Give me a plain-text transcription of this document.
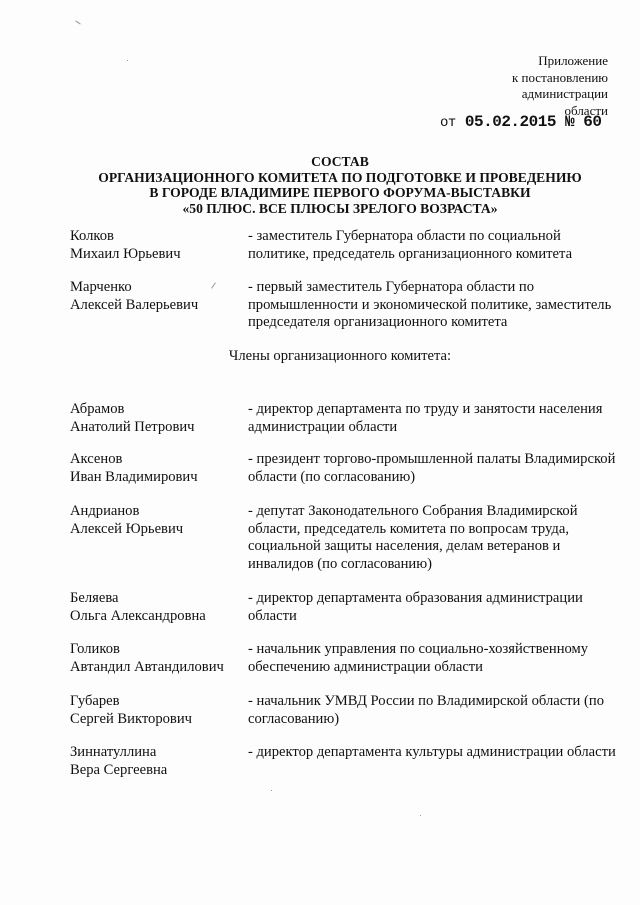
Приложение
к постановлению
администрации
области
от 05.02.2015 № 60
СОСТАВ
ОРГАНИЗАЦИОННОГО КОМИТЕТА ПО ПОДГОТОВКЕ И ПРОВЕДЕНИЮ
В ГОРОДЕ ВЛАДИМИРЕ ПЕРВОГО ФОРУМА-ВЫСТАВКИ
«50 ПЛЮС. ВСЕ ПЛЮСЫ ЗРЕЛОГО ВОЗРАСТА»
Колков
Михаил Юрьевич
- заместитель Губернатора области по социальной политике, председатель организационного комитета
Марченко
Алексей Валерьевич
- первый заместитель Губернатора области по промышленности и экономической политике, заместитель председателя организационного комитета
Члены организационного комитета:
Абрамов
Анатолий Петрович
- директор департамента по труду и занятости населения администрации области
Аксенов
Иван Владимирович
- президент торгово-промышленной палаты Владимирской области (по согласованию)
Андрианов
Алексей Юрьевич
- депутат Законодательного Собрания Владимирской области, председатель комитета по вопросам труда, социальной защиты населения, делам ветеранов и инвалидов (по согласованию)
Беляева
Ольга Александровна
- директор департамента образования администрации области
Голиков
Автандил Автандилович
- начальник управления по социально-хозяйственному обеспечению администрации области
Губарев
Сергей Викторович
- начальник УМВД России по Владимирской области (по согласованию)
Зиннатуллина
Вера Сергеевна
- директор департамента культуры администрации области
